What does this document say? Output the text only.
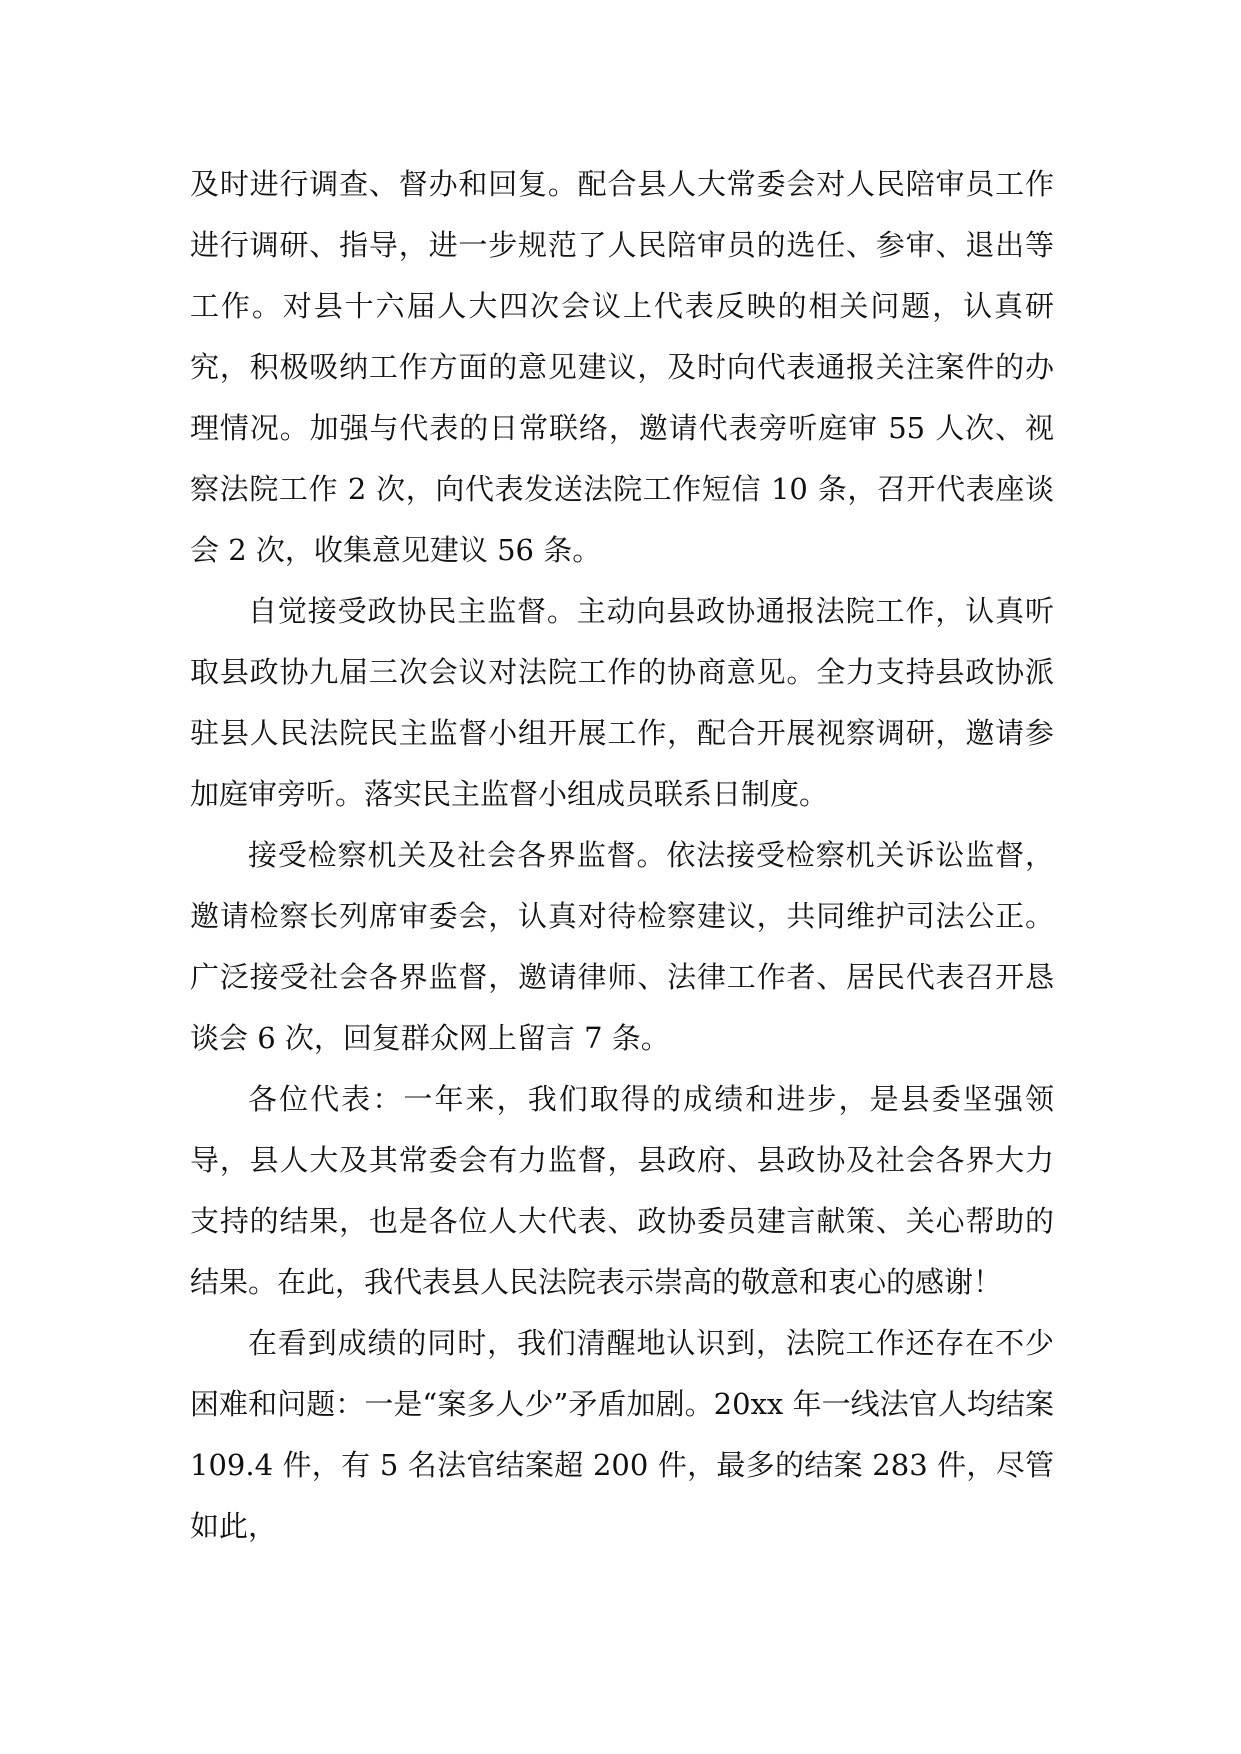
及时进行调查、督办和回复。配合县人大常委会对人民陪审员工作进行调研、指导，进一步规范了人民陪审员的选任、参审、退出等工作。对县十六届人大四次会议上代表反映的相关问题，认真研究，积极吸纳工作方面的意见建议，及时向代表通报关注案件的办理情况。加强与代表的日常联络，邀请代表旁听庭审 55 人次、视察法院工作 2 次，向代表发送法院工作短信 10 条，召开代表座谈会 2 次，收集意见建议 56 条。

自觉接受政协民主监督。主动向县政协通报法院工作，认真听取县政协九届三次会议对法院工作的协商意见。全力支持县政协派驻县人民法院民主监督小组开展工作，配合开展视察调研，邀请参加庭审旁听。落实民主监督小组成员联系日制度。

接受检察机关及社会各界监督。依法接受检察机关诉讼监督，邀请检察长列席审委会，认真对待检察建议，共同维护司法公正。广泛接受社会各界监督，邀请律师、法律工作者、居民代表召开恳谈会 6 次，回复群众网上留言 7 条。

各位代表：一年来，我们取得的成绩和进步，是县委坚强领导，县人大及其常委会有力监督，县政府、县政协及社会各界大力支持的结果，也是各位人大代表、政协委员建言献策、关心帮助的结果。在此，我代表县人民法院表示崇高的敬意和衷心的感谢！

在看到成绩的同时，我们清醒地认识到，法院工作还存在不少困难和问题：一是“案多人少”矛盾加剧。20xx 年一线法官人均结案 109.4 件，有 5 名法官结案超 200 件，最多的结案 283 件，尽管如此，
